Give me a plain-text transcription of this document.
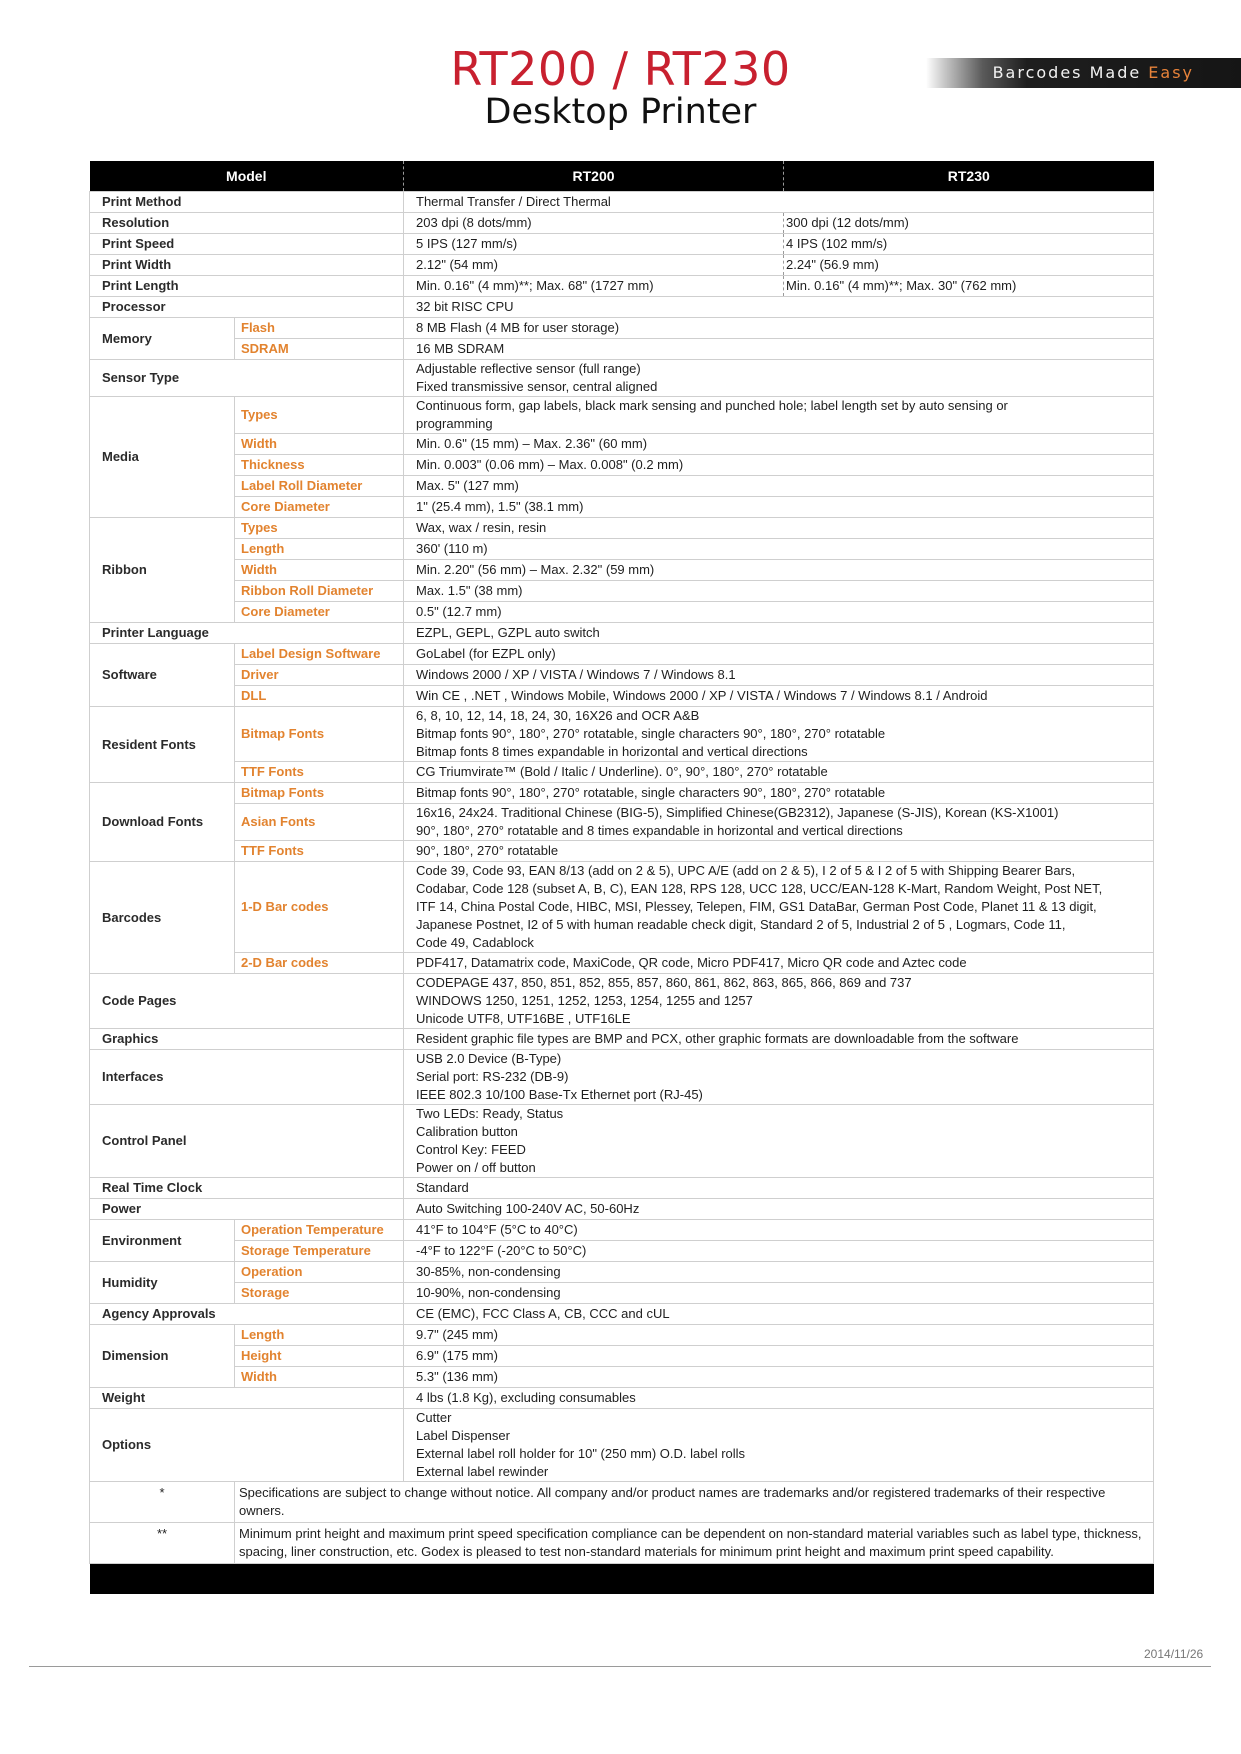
RT200 / RT230
Desktop Printer
Barcodes Made Easy
Model		RT200	RT230
Print Method		Thermal Transfer / Direct Thermal	
Resolution		203 dpi (8 dots/mm)	300 dpi (12 dots/mm)
Print Speed		5 IPS (127 mm/s)	4 IPS (102 mm/s)
Print Width		2.12" (54 mm)	2.24" (56.9 mm)
Print Length		Min. 0.16" (4 mm)**; Max. 68" (1727 mm)	Min. 0.16" (4 mm)**; Max. 30" (762 mm)
Processor		32 bit RISC CPU	
Memory	Flash	8 MB Flash (4 MB for user storage)	

	SDRAM	16 MB SDRAM	

Sensor Type		Adjustable reflective sensor (full range)
Fixed transmissive sensor, central aligned	

Media	Types	Continuous form, gap labels, black mark sensing and punched hole; label length set by auto sensing or
programming	

	Width	Min. 0.6" (15 mm) – Max. 2.36" (60 mm)	

	Thickness	Min. 0.003" (0.06 mm) – Max. 0.008" (0.2 mm)	

	Label Roll Diameter	Max. 5" (127 mm)	

	Core Diameter	1" (25.4 mm), 1.5" (38.1 mm)	

Ribbon	Types	Wax, wax / resin, resin	

	Length	360' (110 m)	

	Width	Min. 2.20" (56 mm) – Max. 2.32" (59 mm)	

	Ribbon Roll Diameter	Max. 1.5" (38 mm)	

	Core Diameter	0.5" (12.7 mm)	

Printer Language		EZPL, GEPL, GZPL auto switch	

Software	Label Design Software	GoLabel (for EZPL only)	

	Driver	Windows 2000 / XP / VISTA / Windows 7 / Windows 8.1	

	DLL	Win CE , .NET , Windows Mobile, Windows 2000 / XP / VISTA / Windows 7 / Windows 8.1 / Android	

Resident Fonts	Bitmap Fonts	6, 8, 10, 12, 14, 18, 24, 30, 16X26 and OCR A&B
Bitmap fonts 90°, 180°, 270° rotatable, single characters 90°, 180°, 270° rotatable
Bitmap fonts 8 times expandable in horizontal and vertical directions	

	TTF Fonts	CG Triumvirate™ (Bold / Italic / Underline). 0°, 90°, 180°, 270° rotatable	

Download Fonts	Bitmap Fonts	Bitmap fonts 90°, 180°, 270° rotatable, single characters 90°, 180°, 270° rotatable	

	Asian Fonts	16x16, 24x24. Traditional Chinese (BIG-5), Simplified Chinese(GB2312), Japanese (S-JIS), Korean (KS-X1001)
90°, 180°, 270° rotatable and 8 times expandable in horizontal and vertical directions	

	TTF Fonts	90°, 180°, 270° rotatable	

Barcodes	1-D Bar codes	Code 39, Code 93, EAN 8/13 (add on 2 & 5), UPC A/E (add on 2 & 5), I 2 of 5 & I 2 of 5 with Shipping Bearer Bars,
Codabar, Code 128 (subset A, B, C), EAN 128, RPS 128, UCC 128, UCC/EAN-128 K-Mart, Random Weight, Post NET,
ITF 14, China Postal Code, HIBC, MSI, Plessey, Telepen, FIM, GS1 DataBar, German Post Code, Planet 11 & 13 digit,
Japanese Postnet, I2 of 5 with human readable check digit, Standard 2 of 5, Industrial 2 of 5 , Logmars, Code 11,
Code 49, Cadablock	

	2-D Bar codes	PDF417, Datamatrix code, MaxiCode, QR code, Micro PDF417, Micro QR code and Aztec code	

Code Pages		CODEPAGE 437, 850, 851, 852, 855, 857, 860, 861, 862, 863, 865, 866, 869 and 737
WINDOWS 1250, 1251, 1252, 1253, 1254, 1255 and 1257
Unicode UTF8, UTF16BE , UTF16LE	

Graphics		Resident graphic file types are BMP and PCX, other graphic formats are downloadable from the software	

Interfaces		USB 2.0 Device (B-Type)
Serial port: RS-232 (DB-9)
IEEE 802.3 10/100 Base-Tx Ethernet port (RJ-45)	

Control Panel		Two LEDs: Ready, Status
Calibration button
Control Key: FEED
Power on / off button	

Real Time Clock		Standard	

Power		Auto Switching 100-240V AC, 50-60Hz	

Environment	Operation Temperature	41°F to 104°F (5°C to 40°C)	

	Storage Temperature	-4°F to 122°F (-20°C to 50°C)	

Humidity	Operation	30-85%, non-condensing	

	Storage	10-90%, non-condensing	

Agency Approvals		CE (EMC), FCC Class A, CB, CCC and cUL	

Dimension	Length	9.7" (245 mm)	

	Height	6.9" (175 mm)	

	Width	5.3" (136 mm)	

Weight		4 lbs (1.8 Kg), excluding consumables	

Options		Cutter
Label Dispenser
External label roll holder for 10" (250 mm) O.D. label rolls
External label rewinder	

*	Specifications are subject to change without notice. All company and/or product names are trademarks and/or registered trademarks of their respective owners.		
**	Minimum print height and maximum print speed specification compliance can be dependent on non-standard material variables such as label type, thickness, spacing, liner construction, etc. Godex is pleased to test non-standard materials for minimum print height and maximum print speed capability.		

2014/11/26
